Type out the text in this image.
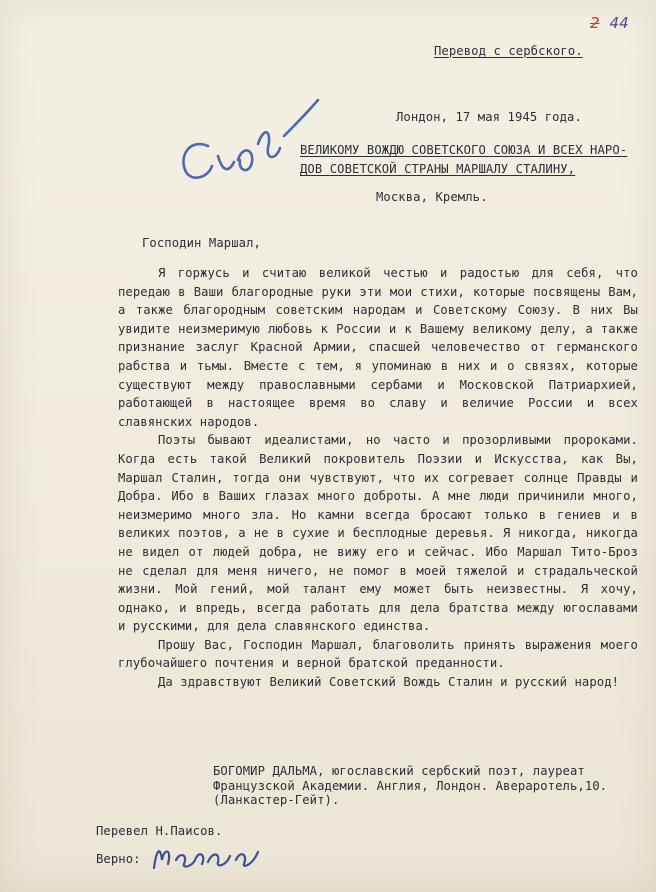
2 44
Перевод с сербского.
Лондон, 17 мая 1945 года.
ВЕЛИКОМУ ВОЖДЮ СОВЕТСКОГО СОЮЗА И ВСЕХ НАРО-
ДОВ СОВЕТСКОЙ СТРАНЫ МАРШАЛУ СТАЛИНУ,
Москва, Кремль.
Господин Маршал,

Я горжусь и считаю великой честью и радостью для себя, что передаю в Ваши благородные руки эти мои стихи, которые посвящены Вам, а также благородным советским народам и Советскому Союзу. В них Вы увидите неизмеримую любовь к России и к Вашему великому делу, а также признание заслуг Красной Армии, спасшей человечество от германского рабства и тьмы. Вместе с тем, я упоминаю в них и о связях, которые существуют между православными сербами и Московской Патриархией, работающей в настоящее время во славу и величие России и всех славянских народов.

Поэты бывают идеалистами, но часто и прозорливыми пророками. Когда есть такой Великий покровитель Поэзии и Искусства, как Вы, Маршал Сталин, тогда они чувствуют, что их согревает солнце Правды и Добра. Ибо в Ваших глазах много доброты. А мне люди причинили много, неизмеримо много зла. Но камни всегда бросают только в гениев и в великих поэтов, а не в сухие и бесплодные деревья. Я никогда, никогда не видел от людей добра, не вижу его и сейчас. Ибо Маршал Тито-Броз не сделал для меня ничего, не помог в моей тяжелой и страдальческой жизни. Мой гений, мой талант ему может быть неизвестны. Я хочу, однако, и впредь, всегда работать для дела братства между югославами и русскими, для дела славянского единства.

Прошу Вас, Господин Маршал, благоволить принять выражения моего глубочайшего почтения и верной братской преданности.

Да здравствуют Великий Советский Вождь Сталин и русский народ!

БОГОМИР ДАЛЬМА, югославский сербский поэт, лауреат
Французской Академии. Англия, Лондон. Авераротель,10.
(Ланкастер-Гейт).
Перевел Н.Паисов.
Верно:
